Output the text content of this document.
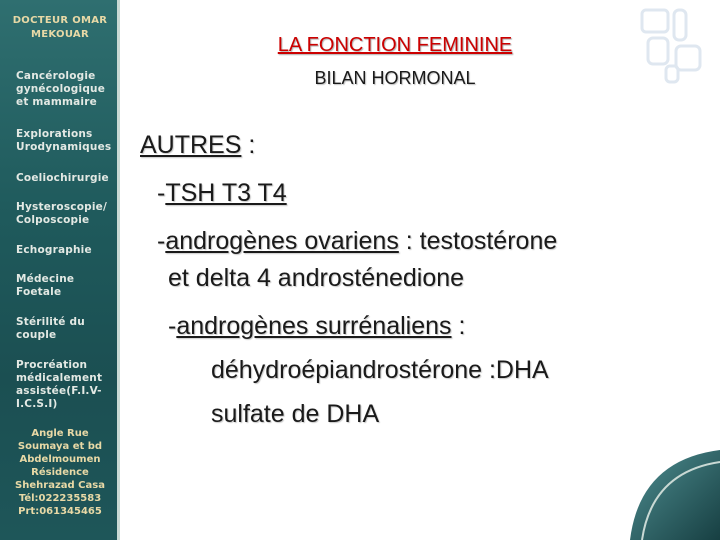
DOCTEUR OMAR MEKOUAR
Cancérologie
gynécologique
et mammaire
Explorations
Urodynamiques
Coeliochirurgie
Hysteroscopie/
Colposcopie
Echographie
Médecine
Foetale
Stérilité du
couple
Procréation
médicalement
assistée(F.I.V-
I.C.S.I)
Angle Rue
Soumaya et bd
Abdelmoumen
Résidence
Shehrazad Casa
Tél:022235583
Prt:061345465
LA FONCTION FEMININE
BILAN HORMONAL
AUTRES :
-TSH T3 T4
-androgènes ovariens : testostérone
et delta 4 androsténedione
-androgènes surrénaliens :
déhydroépiandrostérone :DHA
sulfate de DHA
